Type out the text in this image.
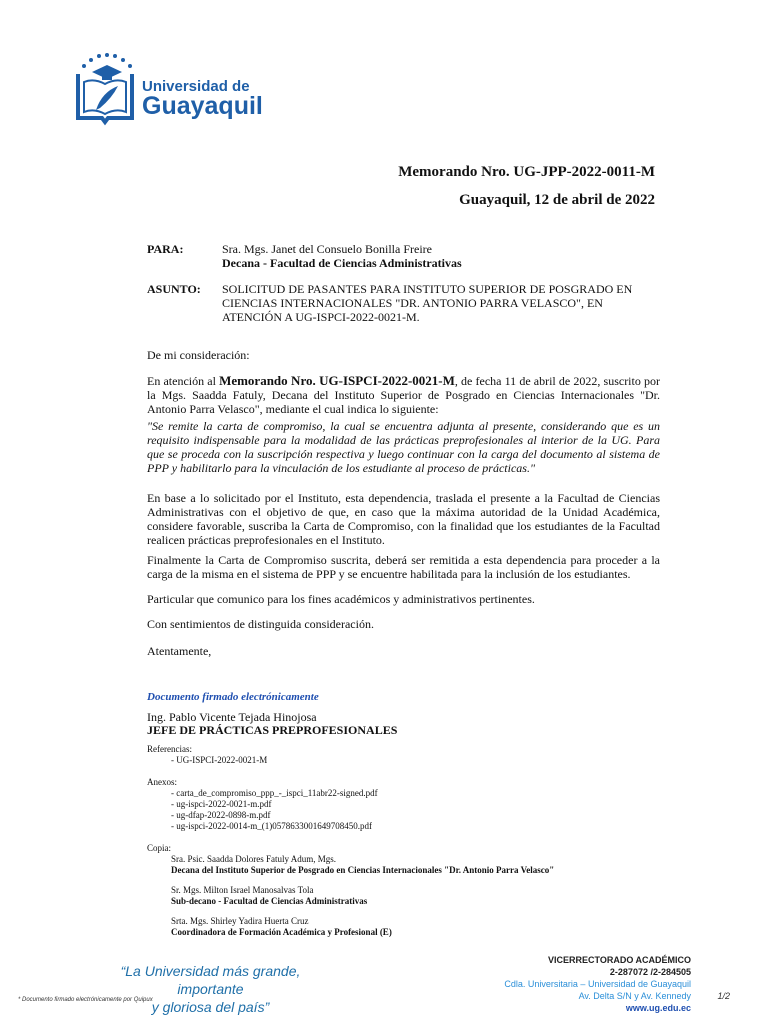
Universidad de
Guayaquil
Memorando Nro. UG-JPP-2022-0011-M
Guayaquil, 12 de abril de 2022
PARA:	Sra. Mgs. Janet del Consuelo Bonilla Freire
Decana - Facultad de Ciencias Administrativas
ASUNTO: SOLICITUD DE PASANTES PARA INSTITUTO SUPERIOR DE POSGRADO EN CIENCIAS INTERNACIONALES "DR. ANTONIO PARRA VELASCO", EN ATENCIÓN A UG-ISPCI-2022-0021-M.
De mi consideración:
En atención al Memorando Nro. UG-ISPCI-2022-0021-M, de fecha 11 de abril de 2022, suscrito por la Mgs. Saadda Fatuly, Decana del Instituto Superior de Posgrado en Ciencias Internacionales "Dr. Antonio Parra Velasco", mediante el cual indica lo siguiente:
"Se remite la carta de compromiso, la cual se encuentra adjunta al presente, considerando que es un requisito indispensable para la modalidad de las prácticas preprofesionales al interior de la UG. Para que se proceda con la suscripción respectiva y luego continuar con la carga del documento al sistema de PPP y habilitarlo para la vinculación de los estudiante al proceso de prácticas."
En base a lo solicitado por el Instituto, esta dependencia, traslada el presente a la Facultad de Ciencias Administrativas con el objetivo de que, en caso que la máxima autoridad de la Unidad Académica, considere favorable, suscriba la Carta de Compromiso, con la finalidad que los estudiantes de la Facultad realicen prácticas preprofesionales en el Instituto.
Finalmente la Carta de Compromiso suscrita, deberá ser remitida a esta dependencia para proceder a la carga de la misma en el sistema de PPP y se encuentre habilitada para la inclusión de los estudiantes.
Particular que comunico para los fines académicos y administrativos pertinentes.
Con sentimientos de distinguida consideración.
Atentamente,
Documento firmado electrónicamente
Ing. Pablo Vicente Tejada Hinojosa
JEFE DE PRÁCTICAS PREPROFESIONALES
Referencias:
- UG-ISPCI-2022-0021-M
Anexos:
- carta_de_compromiso_ppp_-_ispci_11abr22-signed.pdf
- ug-ispci-2022-0021-m.pdf
- ug-dfap-2022-0898-m.pdf
- ug-ispci-2022-0014-m_(1)0578633001649708450.pdf
Copia:
Sra. Psic. Saadda Dolores Fatuly Adum, Mgs.
Decana del Instituto Superior de Posgrado en Ciencias Internacionales "Dr. Antonio Parra Velasco"
Sr. Mgs. Milton Israel Manosalvas Tola
Sub-decano - Facultad de Ciencias Administrativas
Srta. Mgs. Shirley Yadira Huerta Cruz
Coordinadora de Formación Académica y Profesional (E)
“La Universidad más grande, importante
y gloriosa del país”
VICERRECTORADO ACADÉMICO
2-287072 /2-284505
Cdla. Universitaria – Universidad de Guayaquil
Av. Delta S/N y Av. Kennedy
www.ug.edu.ec
* Documento firmado electrónicamente por Quipux	1/2
